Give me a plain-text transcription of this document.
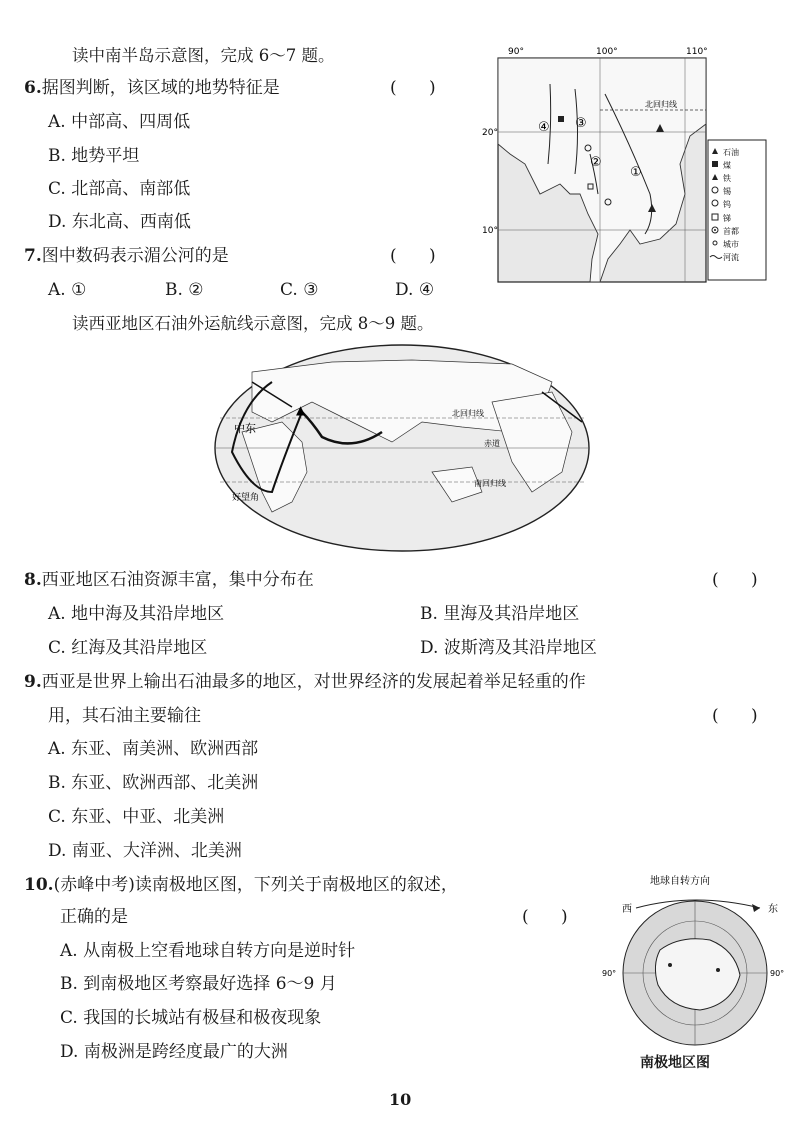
读中南半岛示意图，完成 6～7 题。
6.据图判断，该区域的地势特征是	(      )
A. 中部高、四周低
B. 地势平坦
C. 北部高、南部低
D. 东北高、西南低
7.图中数码表示湄公河的是	(      )
A. ①	B. ②	C. ③	D. ④
90°	100°	110°
20°
10°
北回归线
④ ③
②
①
石油
煤
铁
锡
钨
锑
首都
城市
河流
读西亚地区石油外运航线示意图，完成 8～9 题。
北回归线
赤道
南回归线
中东
好望角
▲
8.西亚地区石油资源丰富，集中分布在	(      )
A. 地中海及其沿岸地区	B. 里海及其沿岸地区
C. 红海及其沿岸地区	D. 波斯湾及其沿岸地区
9.西亚是世界上输出石油最多的地区，对世界经济的发展起着举足轻重的作
用，其石油主要输往	(      )
A. 东亚、南美洲、欧洲西部
B. 东亚、欧洲西部、北美洲
C. 东亚、中亚、北美洲
D. 南亚、大洋洲、北美洲
10.(赤峰中考)读南极地区图，下列关于南极地区的叙述，
正确的是	(      )
A. 从南极上空看地球自转方向是逆时针
B. 到南极地区考察最好选择 6～9 月
C. 我国的长城站有极昼和极夜现象
D. 南极洲是跨经度最广的大洲
地球自转方向
西	东
90°	90°
南极地区图
10
